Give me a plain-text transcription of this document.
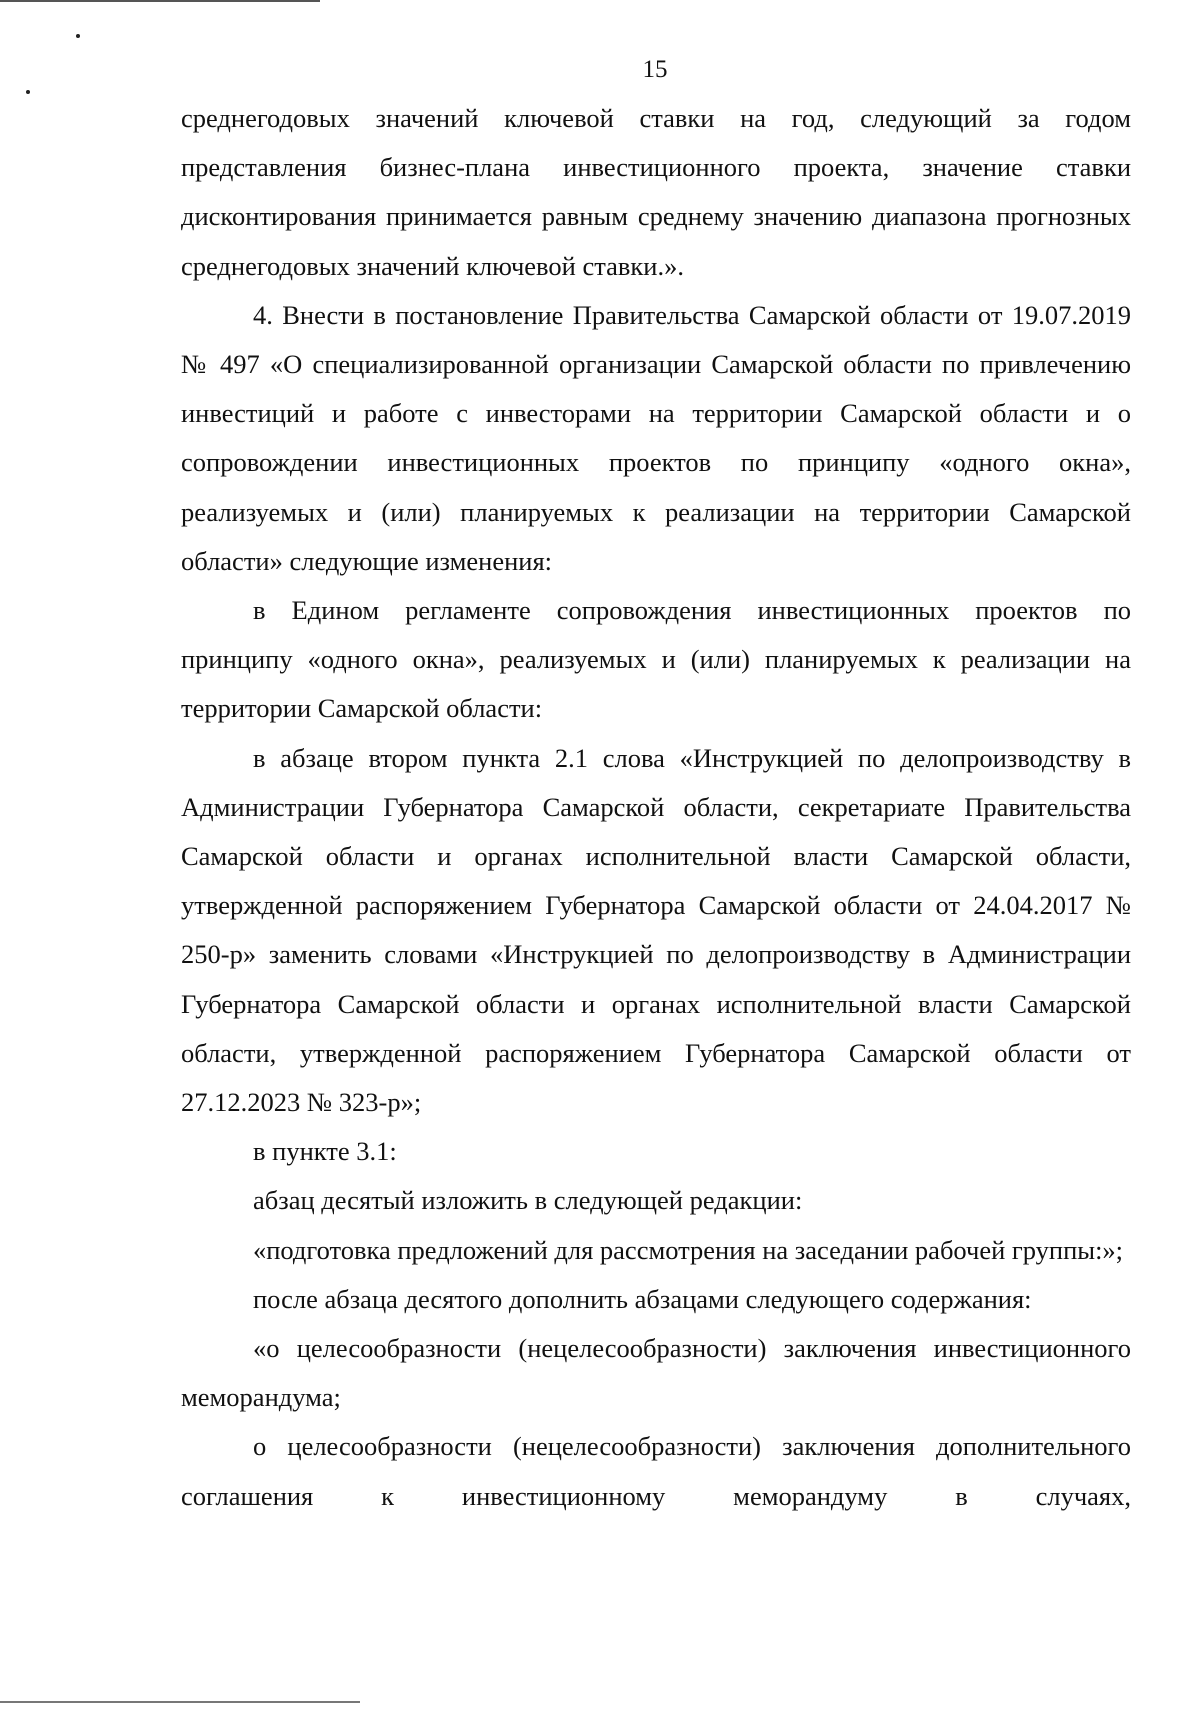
15

среднегодовых значений ключевой ставки на год, следующий за годом представления бизнес-плана инвестиционного проекта, значение ставки дисконтирования принимается равным среднему значению диапазона прогнозных среднегодовых значений ключевой ставки.».

4. Внести в постановление Правительства Самарской области от 19.07.2019 № 497 «О специализированной организации Самарской области по привлечению инвестиций и работе с инвесторами на территории Самарской области и о сопровождении инвестиционных проектов по принципу «одного окна», реализуемых и (или) планируемых к реализации на территории Самарской области» следующие изменения:

в Едином регламенте сопровождения инвестиционных проектов по принципу «одного окна», реализуемых и (или) планируемых к реализации на территории Самарской области:

в абзаце втором пункта 2.1 слова «Инструкцией по делопроизводству в Администрации Губернатора Самарской области, секретариате Правительства Самарской области и органах исполнительной власти Самарской области, утвержденной распоряжением Губернатора Самарской области от 24.04.2017 № 250-р» заменить словами «Инструкцией по делопроизводству в Администрации Губернатора Самарской области и органах исполнительной власти Самарской области, утвержденной распоряжением Губернатора Самарской области от 27.12.2023 № 323-р»;

в пункте 3.1:

абзац десятый изложить в следующей редакции:

«подготовка предложений для рассмотрения на заседании рабочей группы:»;

после абзаца десятого дополнить абзацами следующего содержания:

«о целесообразности (нецелесообразности) заключения инвестиционного меморандума;

о целесообразности (нецелесообразности) заключения дополнительного соглашения к инвестиционному меморандуму в случаях,
